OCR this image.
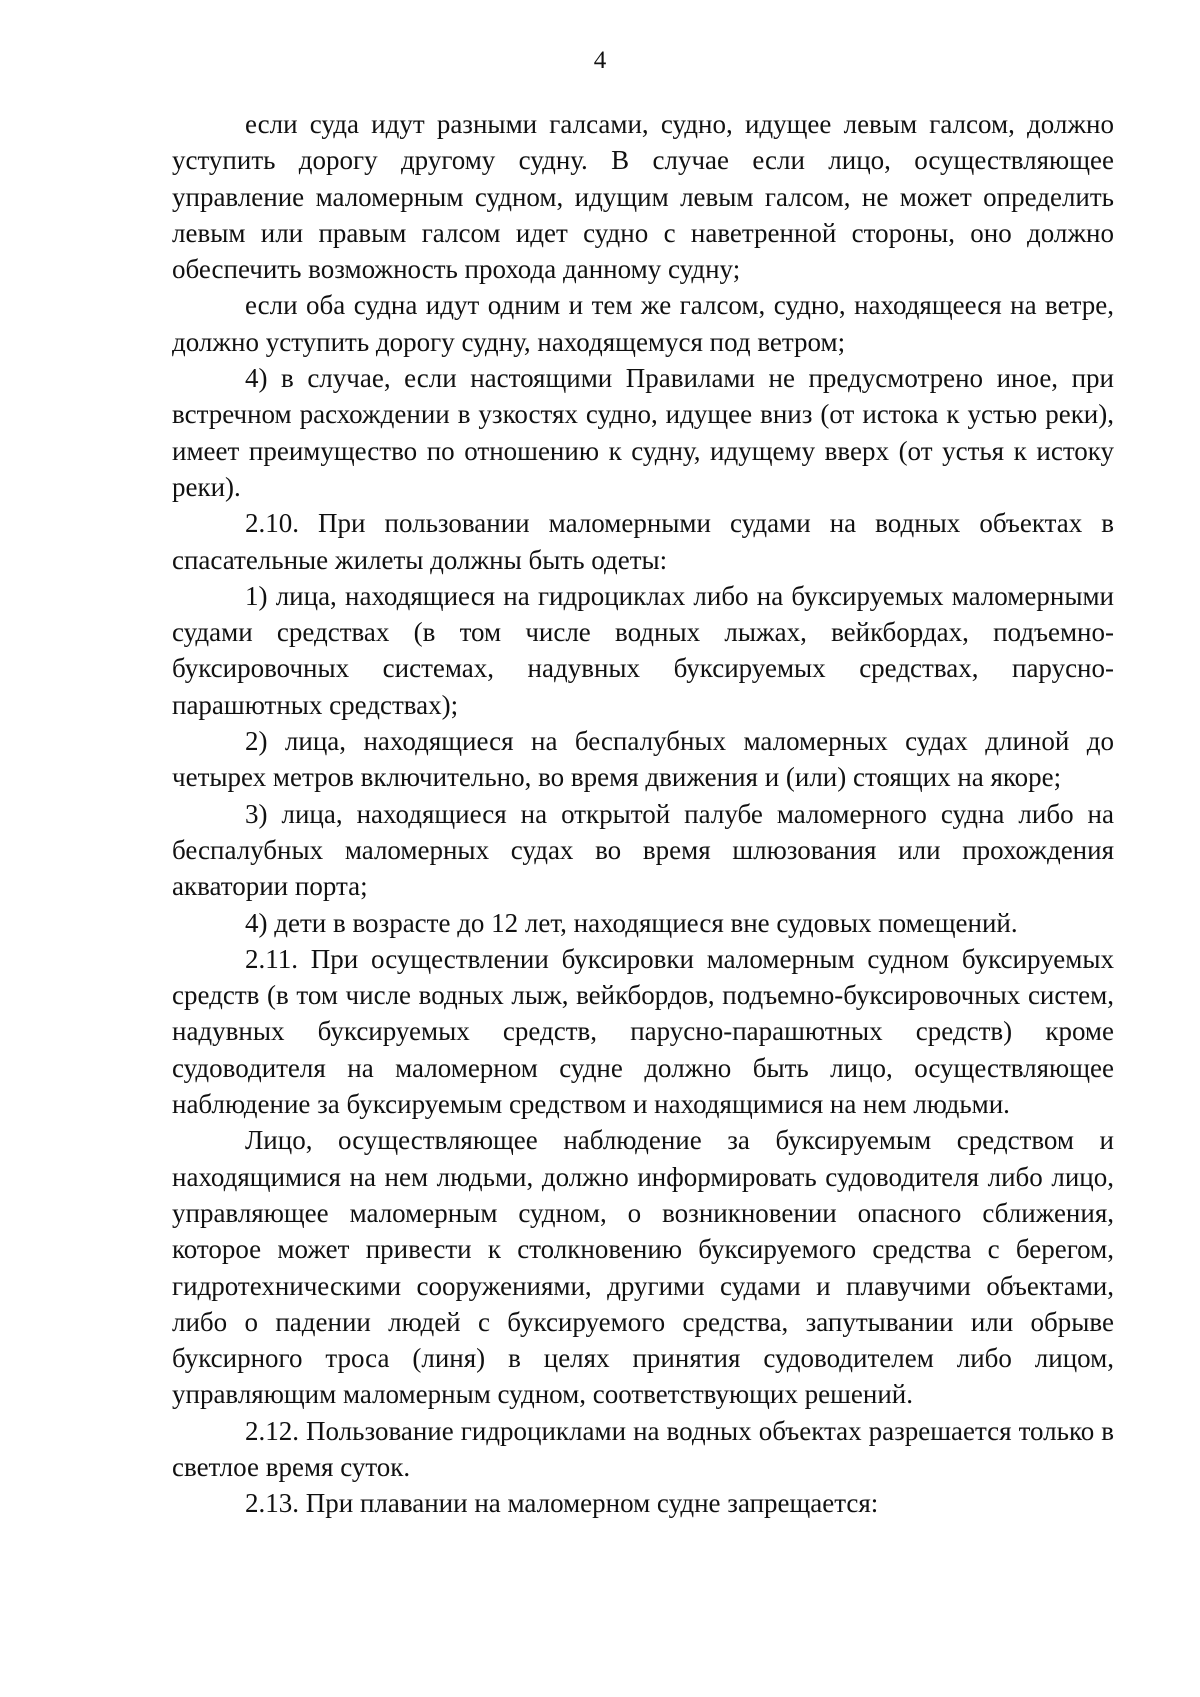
4

если суда идут разными галсами, судно, идущее левым галсом, должно уступить дорогу другому судну. В случае если лицо, осуществляющее управление маломерным судном, идущим левым галсом, не может определить левым или правым галсом идет судно с наветренной стороны, оно должно обеспечить возможность прохода данному судну;

если оба судна идут одним и тем же галсом, судно, находящееся на ветре, должно уступить дорогу судну, находящемуся под ветром;

4) в случае, если настоящими Правилами не предусмотрено иное, при встречном расхождении в узкостях судно, идущее вниз (от истока к устью реки), имеет преимущество по отношению к судну, идущему вверх (от устья к истоку реки).

2.10. При пользовании маломерными судами на водных объектах в спасательные жилеты должны быть одеты:

1) лица, находящиеся на гидроциклах либо на буксируемых маломерными судами средствах (в том числе водных лыжах, вейкбордах, подъемно-буксировочных системах, надувных буксируемых средствах, парусно-парашютных средствах);

2) лица, находящиеся на беспалубных маломерных судах длиной до четырех метров включительно, во время движения и (или) стоящих на якоре;

3) лица, находящиеся на открытой палубе маломерного судна либо на беспалубных маломерных судах во время шлюзования или прохождения акватории порта;

4) дети в возрасте до 12 лет, находящиеся вне судовых помещений.

2.11. При осуществлении буксировки маломерным судном буксируемых средств (в том числе водных лыж, вейкбордов, подъемно-буксировочных систем, надувных буксируемых средств, парусно-парашютных средств) кроме судоводителя на маломерном судне должно быть лицо, осуществляющее наблюдение за буксируемым средством и находящимися на нем людьми.

Лицо, осуществляющее наблюдение за буксируемым средством и находящимися на нем людьми, должно информировать судоводителя либо лицо, управляющее маломерным судном, о возникновении опасного сближения, которое может привести к столкновению буксируемого средства с берегом, гидротехническими сооружениями, другими судами и плавучими объектами, либо о падении людей с буксируемого средства, запутывании или обрыве буксирного троса (линя) в целях принятия судоводителем либо лицом, управляющим маломерным судном, соответствующих решений.

2.12. Пользование гидроциклами на водных объектах разрешается только в светлое время суток.

2.13. При плавании на маломерном судне запрещается:
